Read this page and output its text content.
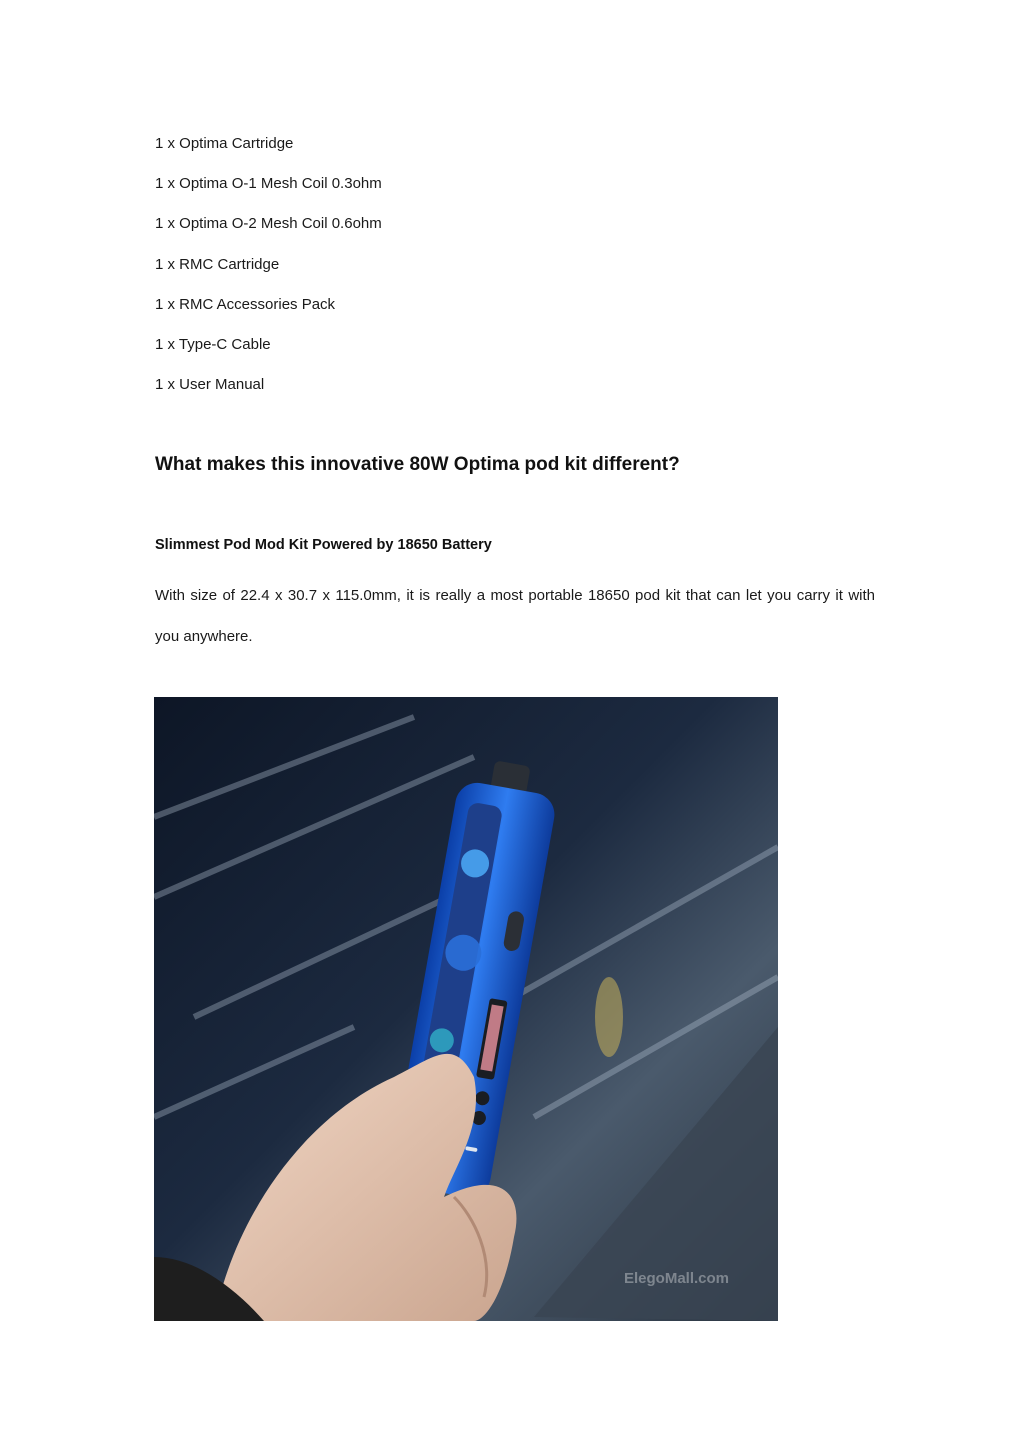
1 x Optima Cartridge

1 x Optima O-1 Mesh Coil 0.3ohm

1 x Optima O-2 Mesh Coil 0.6ohm

1 x RMC Cartridge

1 x RMC Accessories Pack

1 x Type-C Cable

1 x User Manual

What makes this innovative 80W Optima pod kit different?
Slimmest Pod Mod Kit Powered by 18650 Battery

With size of 22.4 x 30.7 x 115.0mm, it is really a most portable 18650 pod kit that can let you carry it with you anywhere.

ElegoMall.com
